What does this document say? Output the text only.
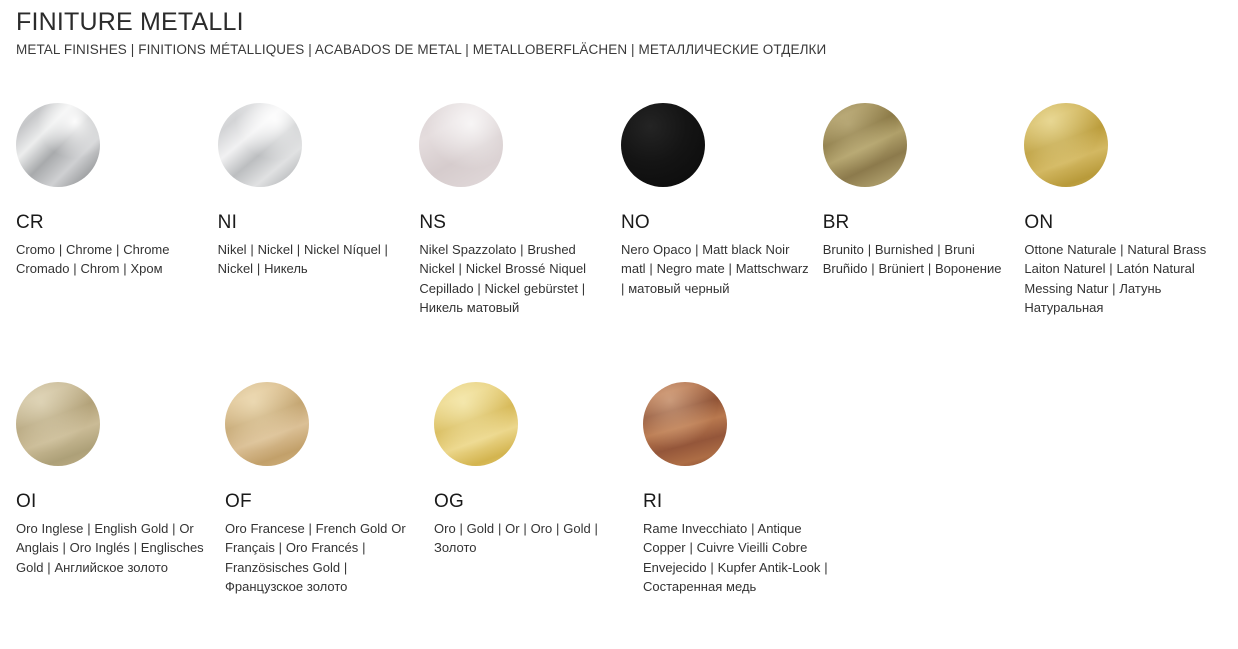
FINITURE METALLI

METAL FINISHES | FINITIONS MÉTALLIQUES | ACABADOS DE METAL | METALLOBERFLÄCHEN | МЕТАЛЛИЧЕСКИЕ ОТДЕЛКИ

CR
Cromo | Chrome | Chrome Cromado | Chrom | Хром
NI
Nikel | Nickel | Nickel Níquel | Nickel | Никель
NS
Nikel Spazzolato | Brushed Nickel | Nickel Brossé Niquel Cepillado | Nickel gebürstet | Никель матовый
NO
Nero Opaco | Matt black Noir matl | Negro mate | Mattschwarz | матовый черный
BR
Brunito | Burnished | Bruni Bruñido | Brüniert | Воронение
ON
Ottone Naturale | Natural Brass Laiton Naturel | Latón Natural Messing Natur | Латунь Натуральная
OI
Oro Inglese | English Gold | Or Anglais | Oro Inglés | Englisches Gold | Английское золото
OF
Oro Francese | French Gold Or Français | Oro Francés | Französisches Gold | Французское золото
OG
Oro | Gold | Or | Oro | Gold | Золото
RI
Rame Invecchiato | Antique Copper | Cuivre Vieilli Cobre Envejecido | Kupfer Antik-Look | Состаренная медь
